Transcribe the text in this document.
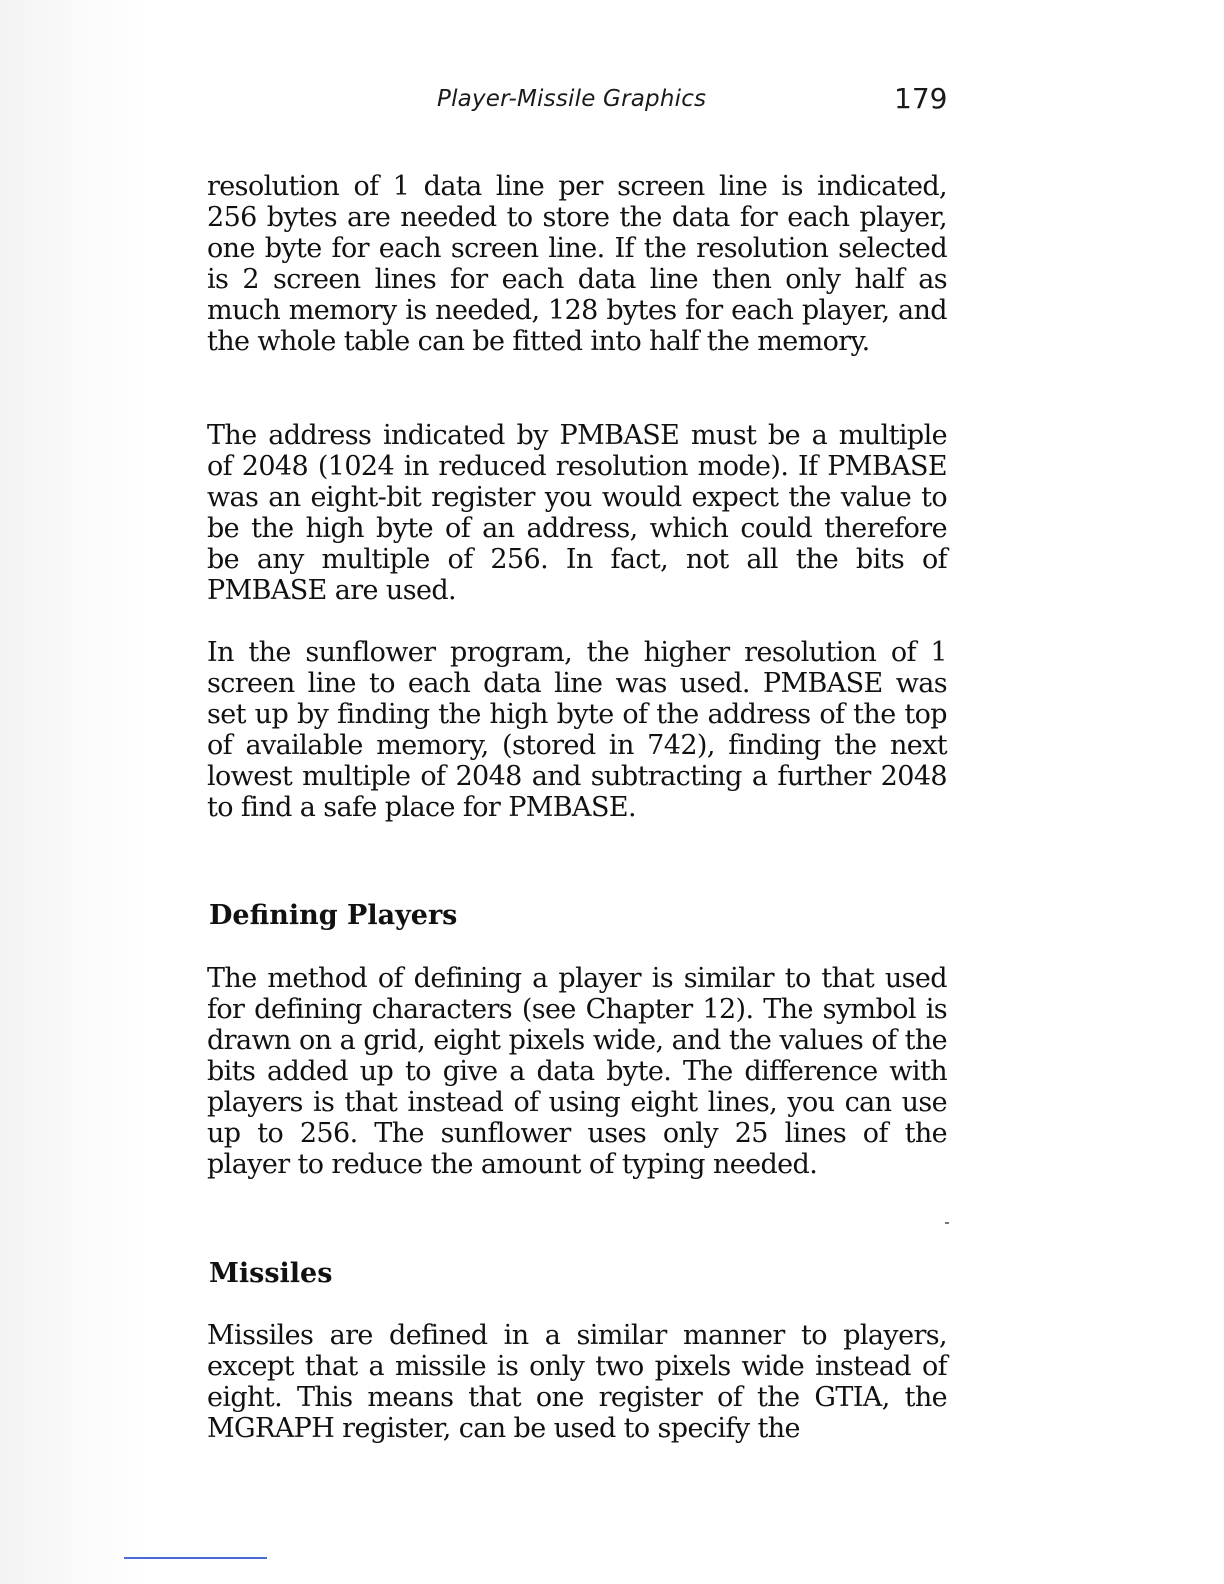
Player-Missile Graphics	179

resolution of 1 data line per screen line is indicated, 256 bytes are needed to store the data for each player, one byte for each screen line. If the resolution selected is 2 screen lines for each data line then only half as much memory is needed, 128 bytes for each player, and the whole table can be fitted into half the memory.

The address indicated by PMBASE must be a multiple of 2048 (1024 in reduced resolution mode). If PMBASE was an eight-bit register you would expect the value to be the high byte of an address, which could therefore be any multiple of 256. In fact, not all the bits of PMBASE are used.

In the sunflower program, the higher resolution of 1 screen line to each data line was used. PMBASE was set up by finding the high byte of the address of the top of available memory, (stored in 742), finding the next lowest multiple of 2048 and subtracting a further 2048 to find a safe place for PMBASE.

Defining Players

The method of defining a player is similar to that used for defining characters (see Chapter 12). The symbol is drawn on a grid, eight pixels wide, and the values of the bits added up to give a data byte. The difference with players is that instead of using eight lines, you can use up to 256. The sunflower uses only 25 lines of the player to reduce the amount of typing needed.

Missiles

Missiles are defined in a similar manner to players, except that a missile is only two pixels wide instead of eight. This means that one register of the GTIA, the MGRAPH register, can be used to specify the
